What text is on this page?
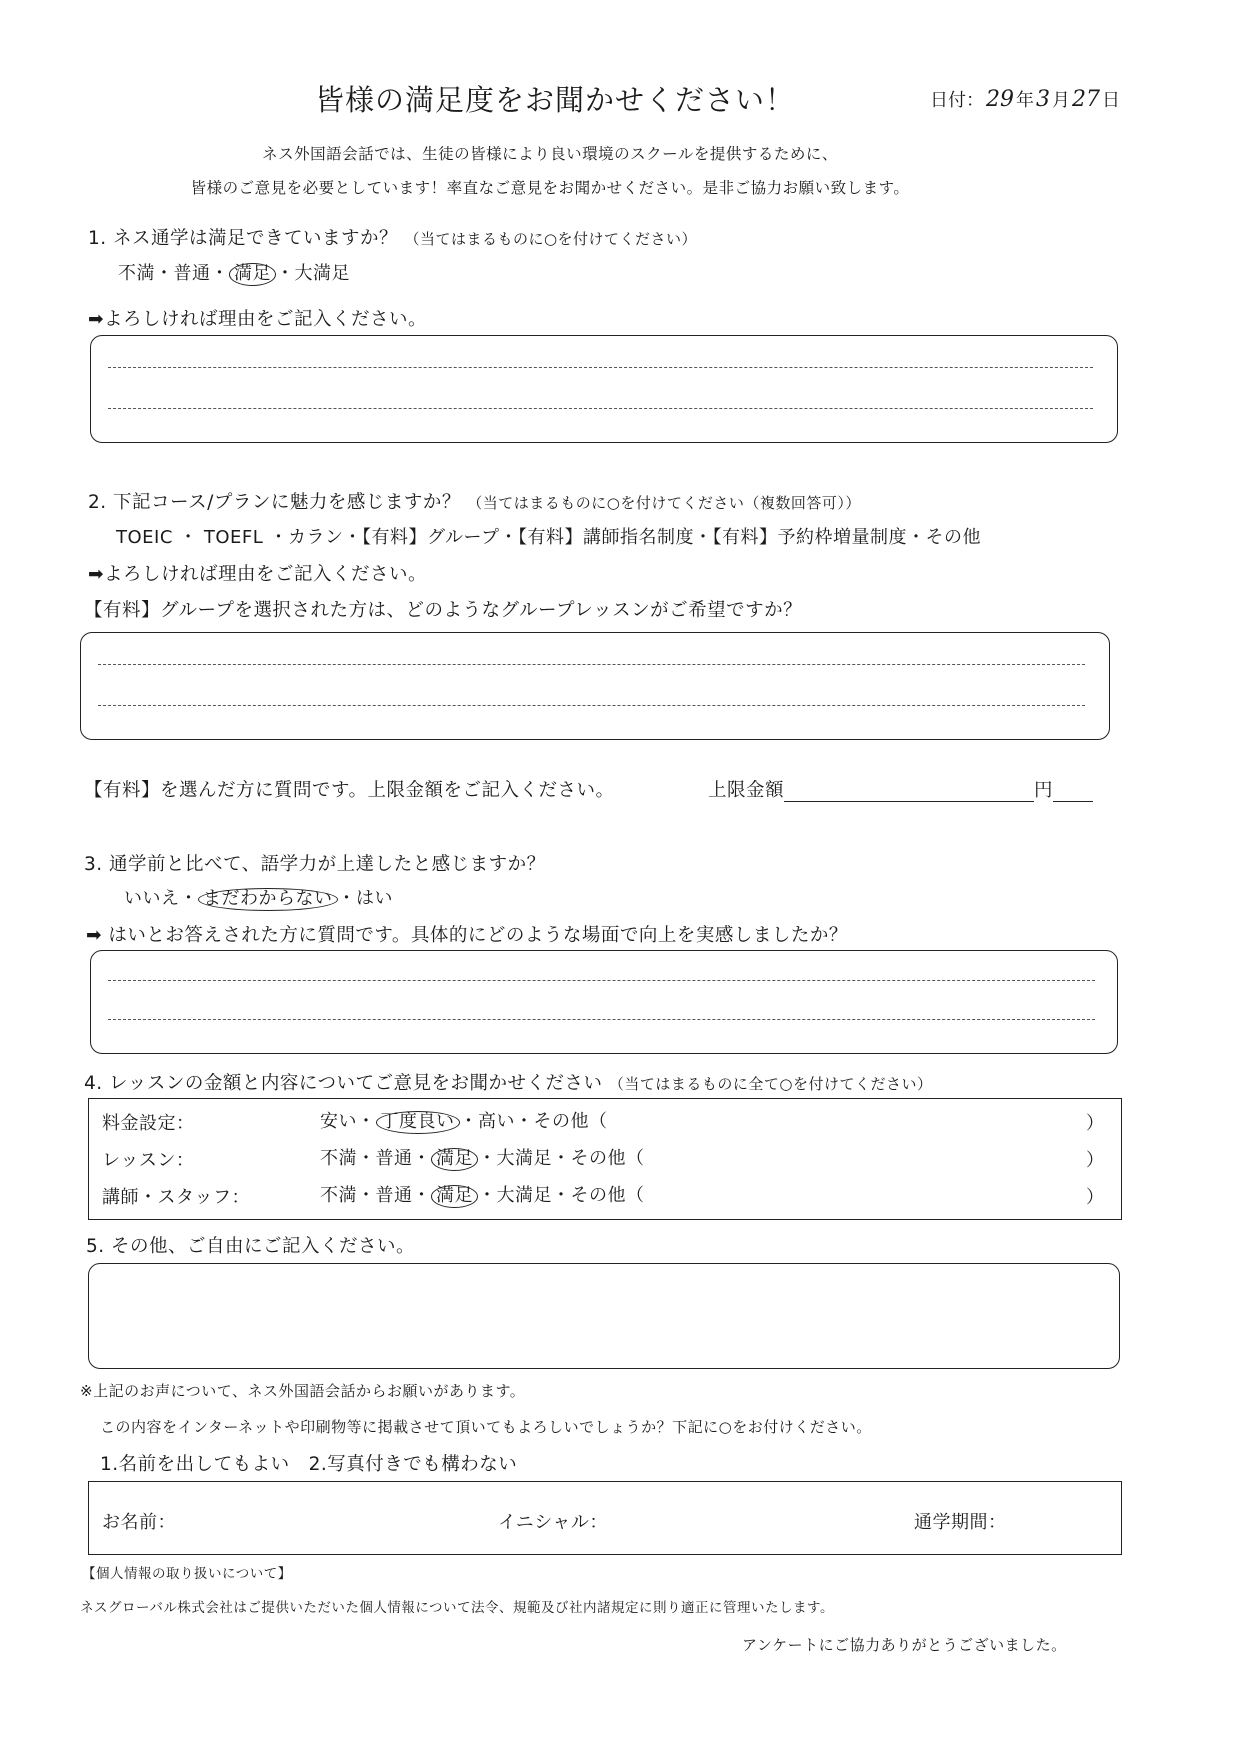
皆様の満足度をお聞かせください！	日付：29 年3 月27 日
ネス外国語会話では、生徒の皆様により良い環境のスクールを提供するために、
皆様のご意見を必要としています！率直なご意見をお聞かせください。是非ご協力お願い致します。
1. ネス通学は満足できていますか？ （当てはまるものに○を付けてください）
不満・普通・ 満足 ・大満足
➡よろしければ理由をご記入ください。
2. 下記コース/プランに魅力を感じますか？ （当てはまるものに○を付けてください（複数回答可））
TOEIC ・ TOEFL ・カラン・【有料】グループ・【有料】講師指名制度・【有料】予約枠増量制度・その他
➡よろしければ理由をご記入ください。
【有料】グループを選択された方は、どのようなグループレッスンがご希望ですか？
【有料】を選んだ方に質問です。上限金額をご記入ください。	上限金額	円
3. 通学前と比べて、語学力が上達したと感じますか？
いいえ・ まだわからない ・はい
➡ はいとお答えされた方に質問です。具体的にどのような場面で向上を実感しましたか？
4. レッスンの金額と内容についてご意見をお聞かせください （当てはまるものに全て○を付けてください）
料金設定：	安い・ 丁度良い ・高い・その他（	）
レッスン：	不満・普通・ 満足 ・大満足・その他（	）
講師・スタッフ：	不満・普通・ 満足 ・大満足・その他（	）
5. その他、ご自由にご記入ください。
※上記のお声について、ネス外国語会話からお願いがあります。
この内容をインターネットや印刷物等に掲載させて頂いてもよろしいでしょうか？下記に○をお付けください。
1.名前を出してもよい　2.写真付きでも構わない
お名前：	イニシャル：	通学期間：
【個人情報の取り扱いについて】
ネスグローバル株式会社はご提供いただいた個人情報について法令、規範及び社内諸規定に則り適正に管理いたします。
アンケートにご協力ありがとうございました。
